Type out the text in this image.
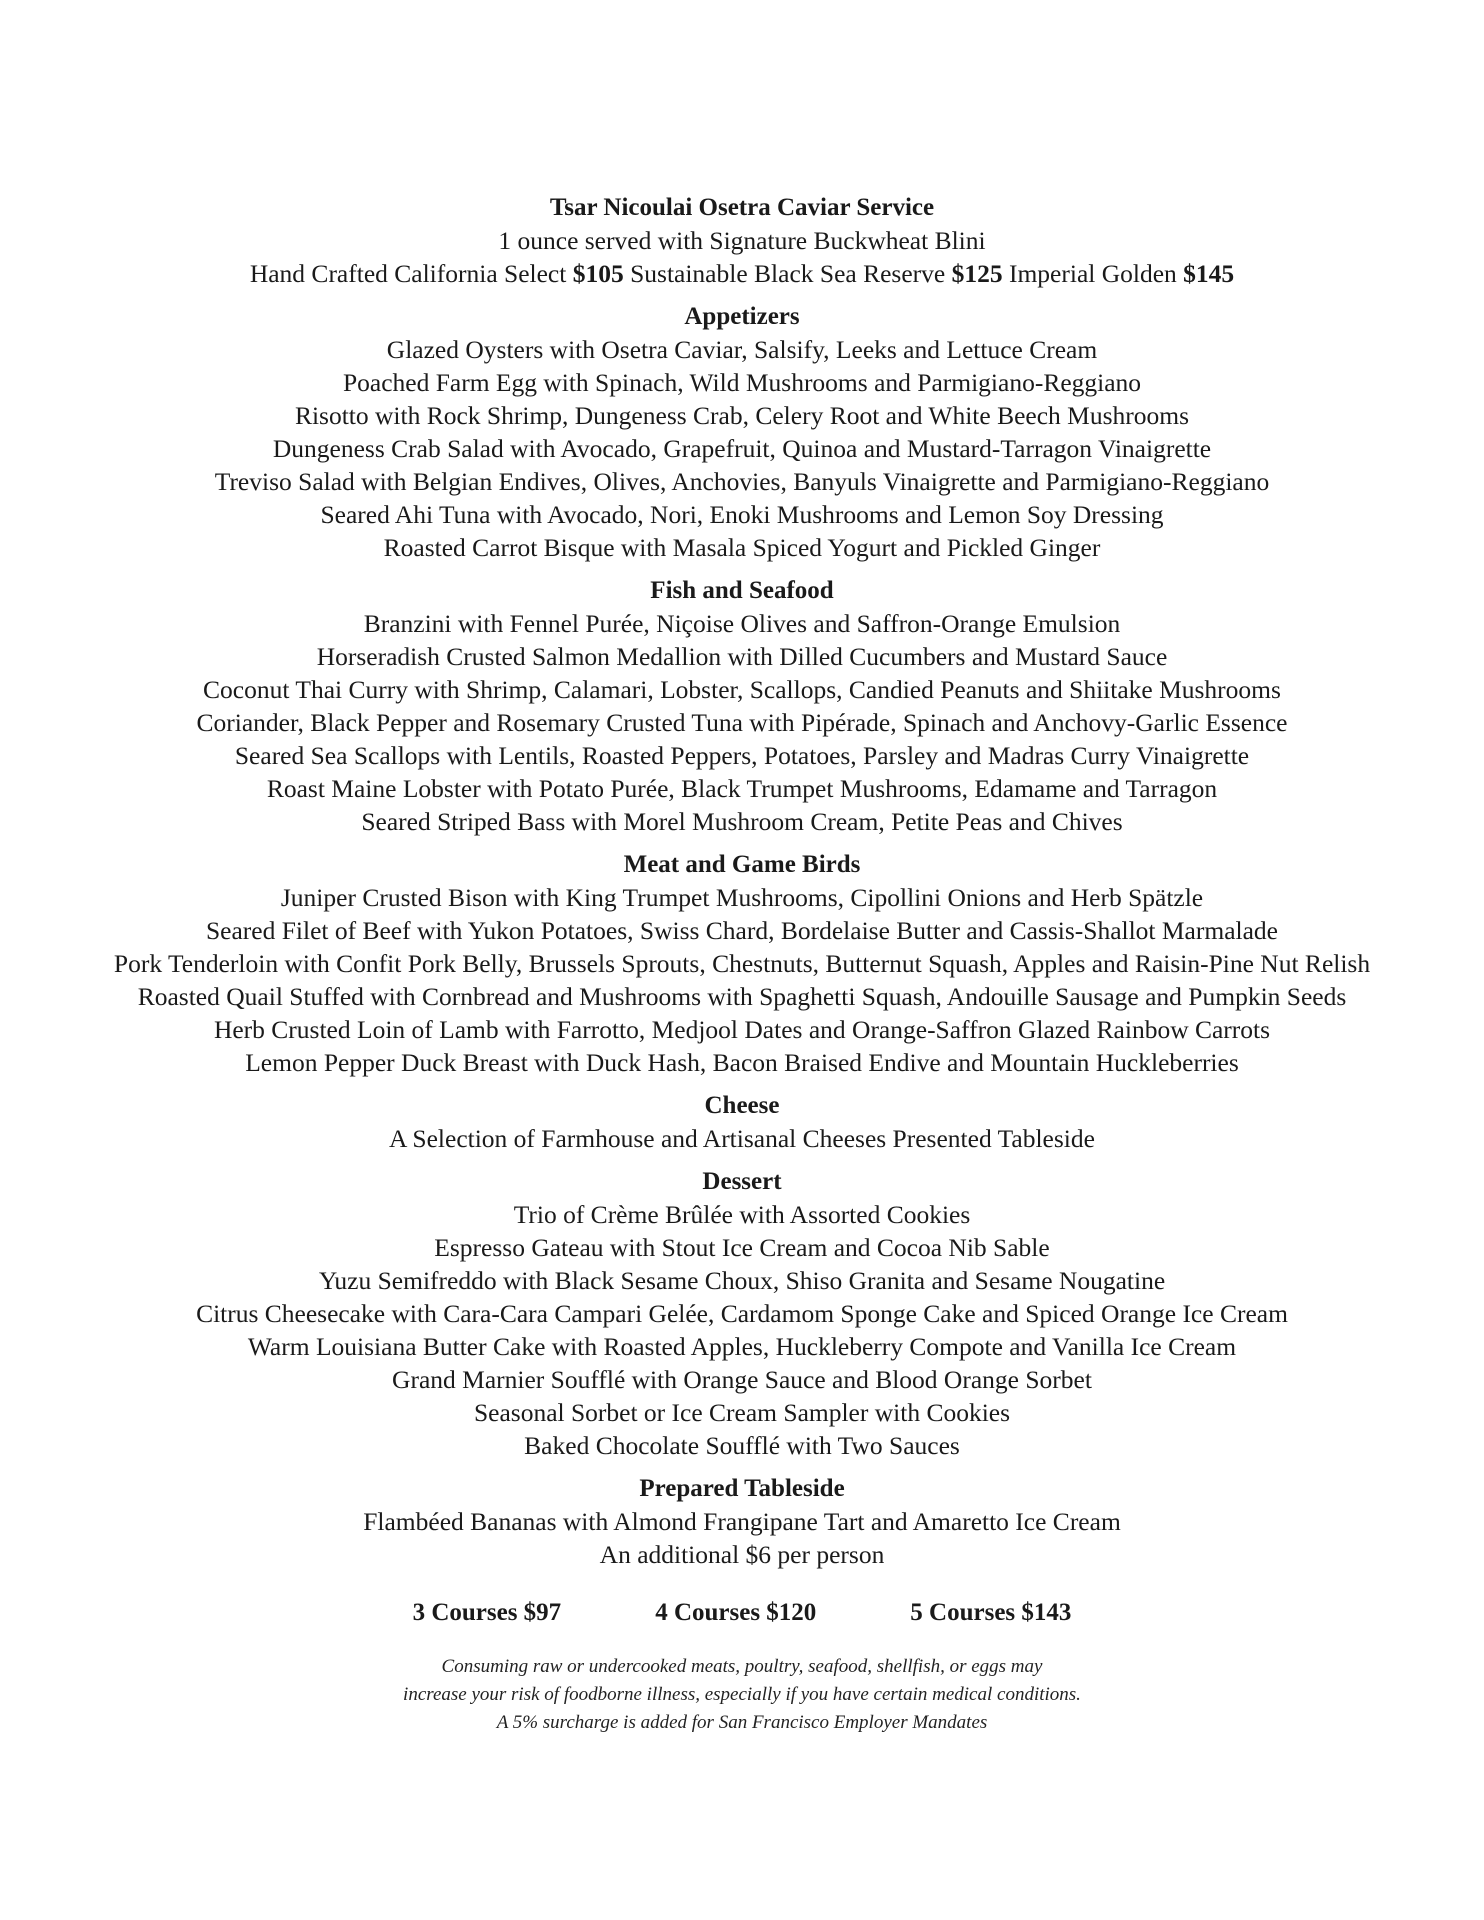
Tsar Nicoulai Osetra Caviar Service

1 ounce served with Signature Buckwheat Blini

Hand Crafted California Select $105 Sustainable Black Sea Reserve $125 Imperial Golden $145

Appetizers

Glazed Oysters with Osetra Caviar, Salsify, Leeks and Lettuce Cream

Poached Farm Egg with Spinach, Wild Mushrooms and Parmigiano-Reggiano

Risotto with Rock Shrimp, Dungeness Crab, Celery Root and White Beech Mushrooms

Dungeness Crab Salad with Avocado, Grapefruit, Quinoa and Mustard-Tarragon Vinaigrette

Treviso Salad with Belgian Endives, Olives, Anchovies, Banyuls Vinaigrette and Parmigiano-Reggiano

Seared Ahi Tuna with Avocado, Nori, Enoki Mushrooms and Lemon Soy Dressing

Roasted Carrot Bisque with Masala Spiced Yogurt and Pickled Ginger

Fish and Seafood

Branzini with Fennel Purée, Niçoise Olives and Saffron-Orange Emulsion

Horseradish Crusted Salmon Medallion with Dilled Cucumbers and Mustard Sauce

Coconut Thai Curry with Shrimp, Calamari, Lobster, Scallops, Candied Peanuts and Shiitake Mushrooms

Coriander, Black Pepper and Rosemary Crusted Tuna with Pipérade, Spinach and Anchovy-Garlic Essence

Seared Sea Scallops with Lentils, Roasted Peppers, Potatoes, Parsley and Madras Curry Vinaigrette

Roast Maine Lobster with Potato Purée, Black Trumpet Mushrooms, Edamame and Tarragon

Seared Striped Bass with Morel Mushroom Cream, Petite Peas and Chives

Meat and Game Birds

Juniper Crusted Bison with King Trumpet Mushrooms, Cipollini Onions and Herb Spätzle

Seared Filet of Beef with Yukon Potatoes, Swiss Chard, Bordelaise Butter and Cassis-Shallot Marmalade

Pork Tenderloin with Confit Pork Belly, Brussels Sprouts, Chestnuts, Butternut Squash, Apples and Raisin-Pine Nut Relish

Roasted Quail Stuffed with Cornbread and Mushrooms with Spaghetti Squash, Andouille Sausage and Pumpkin Seeds

Herb Crusted Loin of Lamb with Farrotto, Medjool Dates and Orange-Saffron Glazed Rainbow Carrots

Lemon Pepper Duck Breast with Duck Hash, Bacon Braised Endive and Mountain Huckleberries

Cheese

A Selection of Farmhouse and Artisanal Cheeses Presented Tableside

Dessert

Trio of Crème Brûlée with Assorted Cookies

Espresso Gateau with Stout Ice Cream and Cocoa Nib Sable

Yuzu Semifreddo with Black Sesame Choux, Shiso Granita and Sesame Nougatine

Citrus Cheesecake with Cara-Cara Campari Gelée, Cardamom Sponge Cake and Spiced Orange Ice Cream

Warm Louisiana Butter Cake with Roasted Apples, Huckleberry Compote and Vanilla Ice Cream

Grand Marnier Soufflé with Orange Sauce and Blood Orange Sorbet

Seasonal Sorbet or Ice Cream Sampler with Cookies

Baked Chocolate Soufflé with Two Sauces

Prepared Tableside

Flambéed Bananas with Almond Frangipane Tart and Amaretto Ice Cream

An additional $6 per person

3 Courses $97	4 Courses $120	5 Courses $143

Consuming raw or undercooked meats, poultry, seafood, shellfish, or eggs may

increase your risk of foodborne illness, especially if you have certain medical conditions.

A 5% surcharge is added for San Francisco Employer Mandates
